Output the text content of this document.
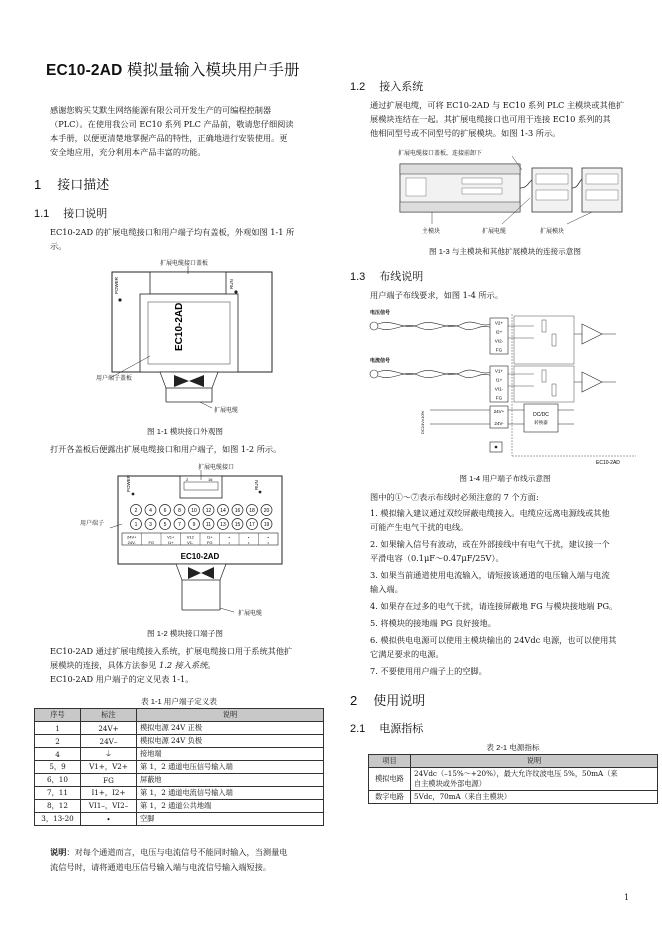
EC10-2AD 模拟量输入模块用户手册
感谢您购买艾默生网络能源有限公司开发生产的可编程控制器
（PLC）。在使用我公司 EC10 系列 PLC 产品前，敬请您仔细阅读
本手册，以便更清楚地掌握产品的特性，正确地进行安装使用。更
安全地应用，充分利用本产品丰富的功能。
1 接口描述
1.1 接口说明
EC10-2AD 的扩展电缆接口和用户端子均有盖板，外观如图 1-1 所
示。
POWER	RUN
EC10-2AD
扩展电缆接口盖板
用户端子盖板
扩展电缆
图 1-1 模块接口外观图
打开各盖板后便露出扩展电缆接口和用户端子，如图 1-2 所示。
2	16
POWER	RUN
2 4 6 8 10 12 14 16 18 20
1 3 5 7 9 11 13 15 17 19
24V+
24V-	FG
V1+
I1+
V12
V1-
I1+
FG
•
•
•
•
•
•
EC10-2AD
扩展电缆接口
用户端子
扩展电缆
图 1-2 模块接口端子图
EC10-2AD 通过扩展电缆接入系统，扩展电缆接口用于系统其他扩
展模块的连接，具体方法参见 1.2 接入系统。
EC10-2AD 用户端子的定义见表 1-1。
表 1-1 用户端子定义表
序号	标注	说明
1	24V+	模拟电源 24V 正极
2	24V–	模拟电源 24V 负极
4	⏚	接地端
5，9	V1+，V2+	第 1，2 通道电压信号输入端
6，10	FG	屏蔽地
7，11	I1+，I2+	第 1，2 通道电流信号输入端
8，12	VI1–，VI2–	第 1，2 通道公共地端
3，13-20	•	空脚
说明：对每个通道而言，电压与电流信号不能同时输入，当测量电
流信号时，请将通道电压信号输入端与电流信号输入端短接。
1.2 接入系统
通过扩展电缆，可将 EC10-2AD 与 EC10 系列 PLC 主模块或其他扩
展模块连结在一起。其扩展电缆接口也可用于连接 EC10 系列的其
他相同型号或不同型号的扩展模块。如图 1-3 所示。
扩展电缆接口盖板，连接前卸下
主模块	扩展电缆	扩展模块
图 1-3 与主模块和其他扩展模块的连接示意图
1.3 布线说明
用户端子布线要求，如图 1-4 所示。
电压信号
电流信号
V2+
I2+
VI2-
FG
V1+
I1+
VI1-
FG
24V+
24V-
DC/DC
转换器
DC24V±10%
EC10-2AD
图 1-4 用户端子布线示意图
图中的①～⑦表示布线时必须注意的 7 个方面:
1. 模拟输入建议通过双绞屏蔽电缆接入。电缆应远离电源线或其他
可能产生电气干扰的电线。
2. 如果输入信号有波动，或在外部接线中有电气干扰，建议接一个
平滑电容（0.1μF～0.47μF/25V）。
3. 如果当前通道使用电流输入，请短接该通道的电压输入端与电流
输入端。
4. 如果存在过多的电气干扰，请连接屏蔽地 FG 与模块接地端 PG。
5. 将模块的接地端 PG 良好接地。
6. 模拟供电电源可以使用主模块输出的 24Vdc 电源，也可以使用其
它满足要求的电源。
7. 不要使用用户端子上的空脚。
2 使用说明
2.1 电源指标
表 2-1 电源指标
项目	说明
模拟电路	24Vdc（–15%～+20%），最大允许纹波电压 5%，50mA（来
自主模块或外部电源）

数字电路	5Vdc，70mA（来自主模块）
1
